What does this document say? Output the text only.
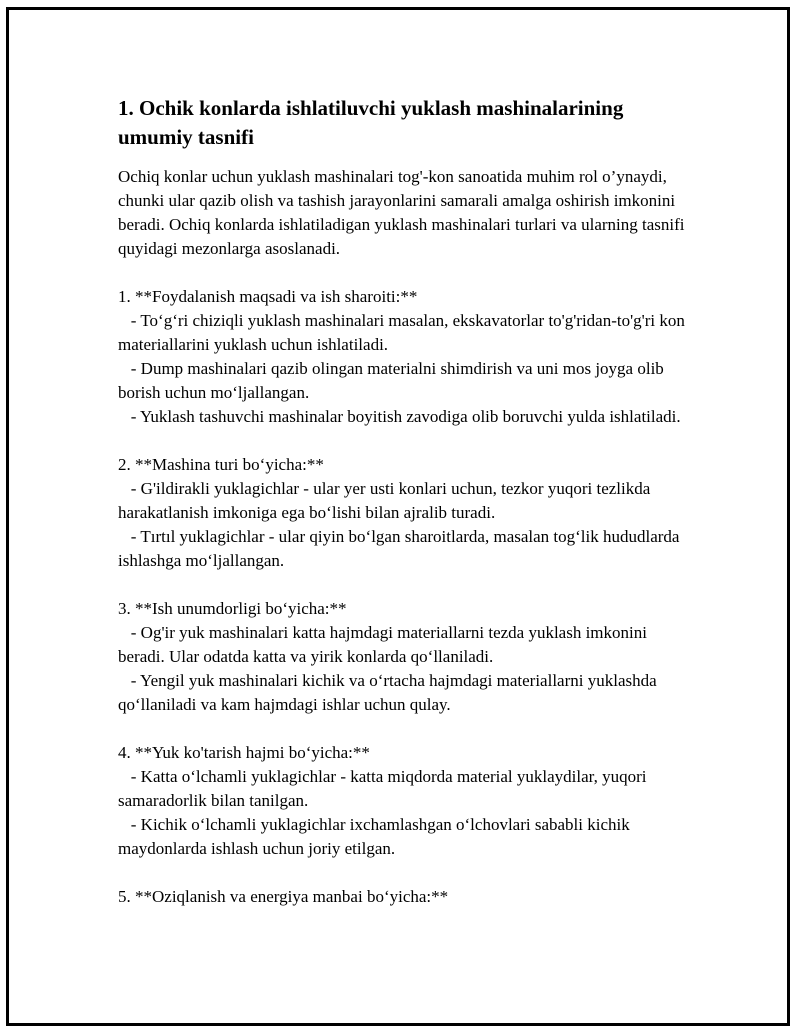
1. Ochik konlarda ishlatiluvchi yuklash mashinalarining umumiy tasnifi

Ochiq konlar uchun yuklash mashinalari tog'-kon sanoatida muhim rol o’ynaydi, chunki ular qazib olish va tashish jarayonlarini samarali amalga oshirish imkonini beradi. Ochiq konlarda ishlatiladigan yuklash mashinalari turlari va ularning tasnifi quyidagi mezonlarga asoslanadi.

1. **Foydalanish maqsadi va ish sharoiti:**

- To‘g‘ri chiziqli yuklash mashinalari masalan, ekskavatorlar to'g'ridan-to'g'ri kon materiallarini yuklash uchun ishlatiladi.

- Dump mashinalari qazib olingan materialni shimdirish va uni mos joyga olib borish uchun mo‘ljallangan.

- Yuklash tashuvchi mashinalar boyitish zavodiga olib boruvchi yulda ishlatiladi.

2. **Mashina turi bo‘yicha:**

- G'ildirakli yuklagichlar - ular yer usti konlari uchun, tezkor yuqori tezlikda harakatlanish imkoniga ega bo‘lishi bilan ajralib turadi.

- Tırtıl yuklagichlar - ular qiyin bo‘lgan sharoitlarda, masalan tog‘lik hududlarda ishlashga mo‘ljallangan.

3. **Ish unumdorligi bo‘yicha:**

- Og'ir yuk mashinalari katta hajmdagi materiallarni tezda yuklash imkonini beradi. Ular odatda katta va yirik konlarda qo‘llaniladi.

- Yengil yuk mashinalari kichik va o‘rtacha hajmdagi materiallarni yuklashda qo‘llaniladi va kam hajmdagi ishlar uchun qulay.

4. **Yuk ko'tarish hajmi bo‘yicha:**

- Katta o‘lchamli yuklagichlar - katta miqdorda material yuklaydilar, yuqori samaradorlik bilan tanilgan.

- Kichik o‘lchamli yuklagichlar ixchamlashgan o‘lchovlari sababli kichik maydonlarda ishlash uchun joriy etilgan.

5. **Oziqlanish va energiya manbai bo‘yicha:**
